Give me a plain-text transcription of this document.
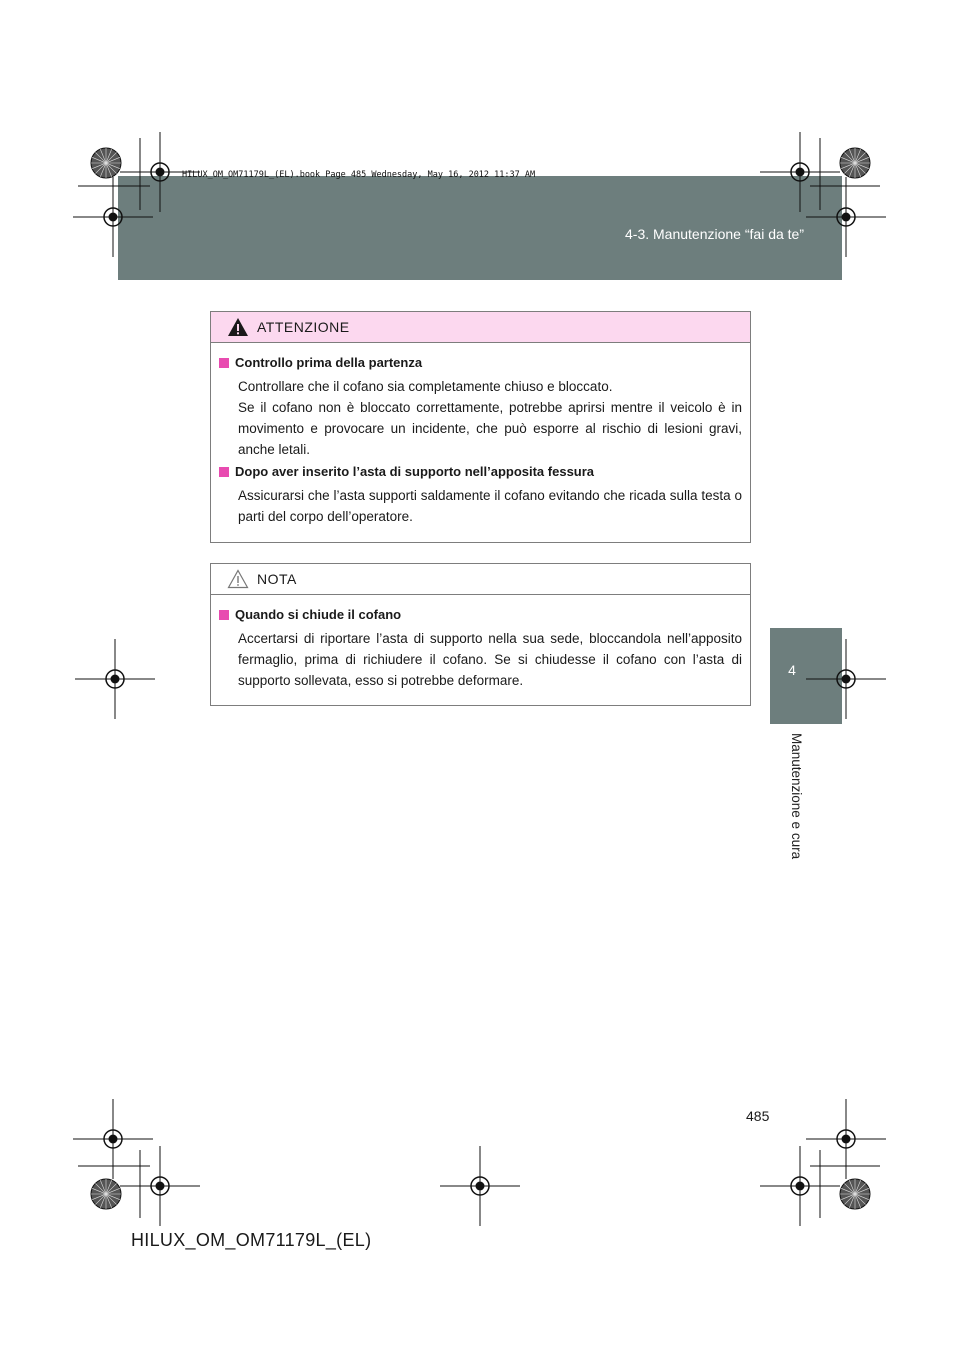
4-3. Manutenzione “fai da te”
HILUX_OM_OM71179L_(EL).book Page 485 Wednesday, May 16, 2012 11:37 AM
4
Manutenzione e cura
ATTENZIONE
Controllo prima della partenza

Controllare che il cofano sia completamente chiuso e bloccato.

Se il cofano non è bloccato correttamente, potrebbe aprirsi mentre il veicolo è in movimento e provocare un incidente, che può esporre al rischio di lesioni gravi, anche letali.

Dopo aver inserito l’asta di supporto nell’apposita fessura

Assicurarsi che l’asta supporti saldamente il cofano evitando che ricada sulla testa o parti del corpo dell’operatore.

NOTA
Quando si chiude il cofano

Accertarsi di riportare l’asta di supporto nella sua sede, bloccandola nell’apposito fermaglio, prima di richiudere il cofano. Se si chiudesse il cofano con l’asta di supporto sollevata, esso si potrebbe deformare.

485
HILUX_OM_OM71179L_(EL)
